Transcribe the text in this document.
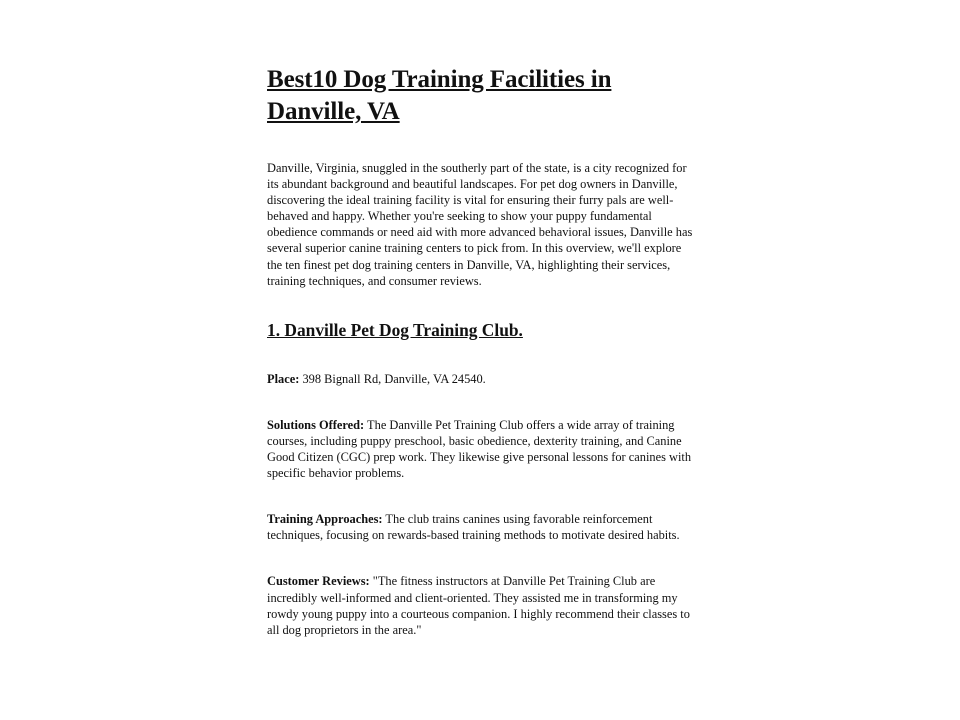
Best10 Dog Training Facilities in Danville, VA

Danville, Virginia, snuggled in the southerly part of the state, is a city recognized for its abundant background and beautiful landscapes. For pet dog owners in Danville, discovering the ideal training facility is vital for ensuring their furry pals are well-behaved and happy. Whether you're seeking to show your puppy fundamental obedience commands or need aid with more advanced behavioral issues, Danville has several superior canine training centers to pick from. In this overview, we'll explore the ten finest pet dog training centers in Danville, VA, highlighting their services, training techniques, and consumer reviews.

1. Danville Pet Dog Training Club.

Place: 398 Bignall Rd, Danville, VA 24540.

Solutions Offered: The Danville Pet Training Club offers a wide array of training courses, including puppy preschool, basic obedience, dexterity training, and Canine Good Citizen (CGC) prep work. They likewise give personal lessons for canines with specific behavior problems.

Training Approaches: The club trains canines using favorable reinforcement techniques, focusing on rewards-based training methods to motivate desired habits.

Customer Reviews: "The fitness instructors at Danville Pet Training Club are incredibly well-informed and client-oriented. They assisted me in transforming my rowdy young puppy into a courteous companion. I highly recommend their classes to all dog proprietors in the area."
